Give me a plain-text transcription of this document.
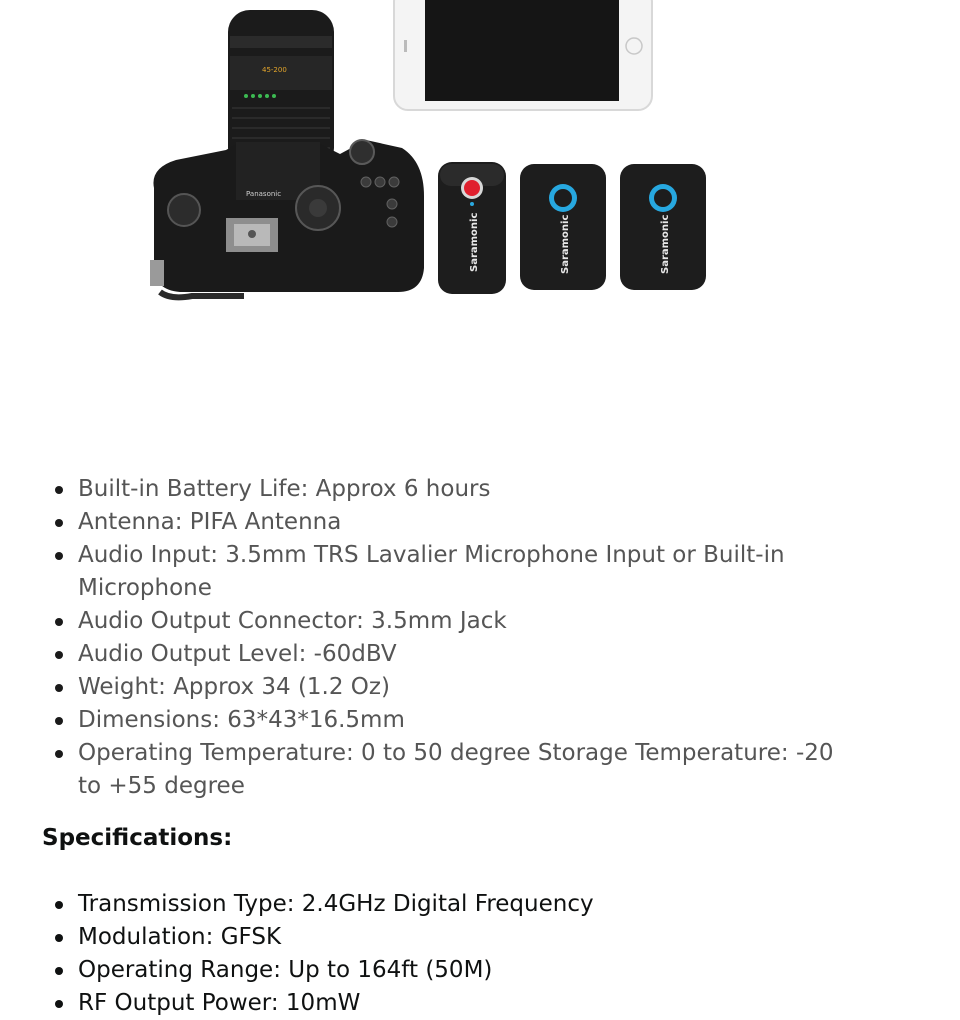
45-200
Panasonic
Saramonic	Saramonic	Saramonic
Built-in Battery Life: Approx 6 hours
Antenna: PIFA Antenna
Audio Input: 3.5mm TRS Lavalier Microphone Input or Built-in Microphone
Audio Output Connector: 3.5mm Jack
Audio Output Level: -60dBV
Weight: Approx 34 (1.2 Oz)
Dimensions: 63*43*16.5mm
Operating Temperature: 0 to 50 degree Storage Temperature: -20 to +55 degree
Specifications:
Transmission Type: 2.4GHz Digital Frequency
Modulation: GFSK
Operating Range: Up to 164ft (50M)
RF Output Power: 10mW
